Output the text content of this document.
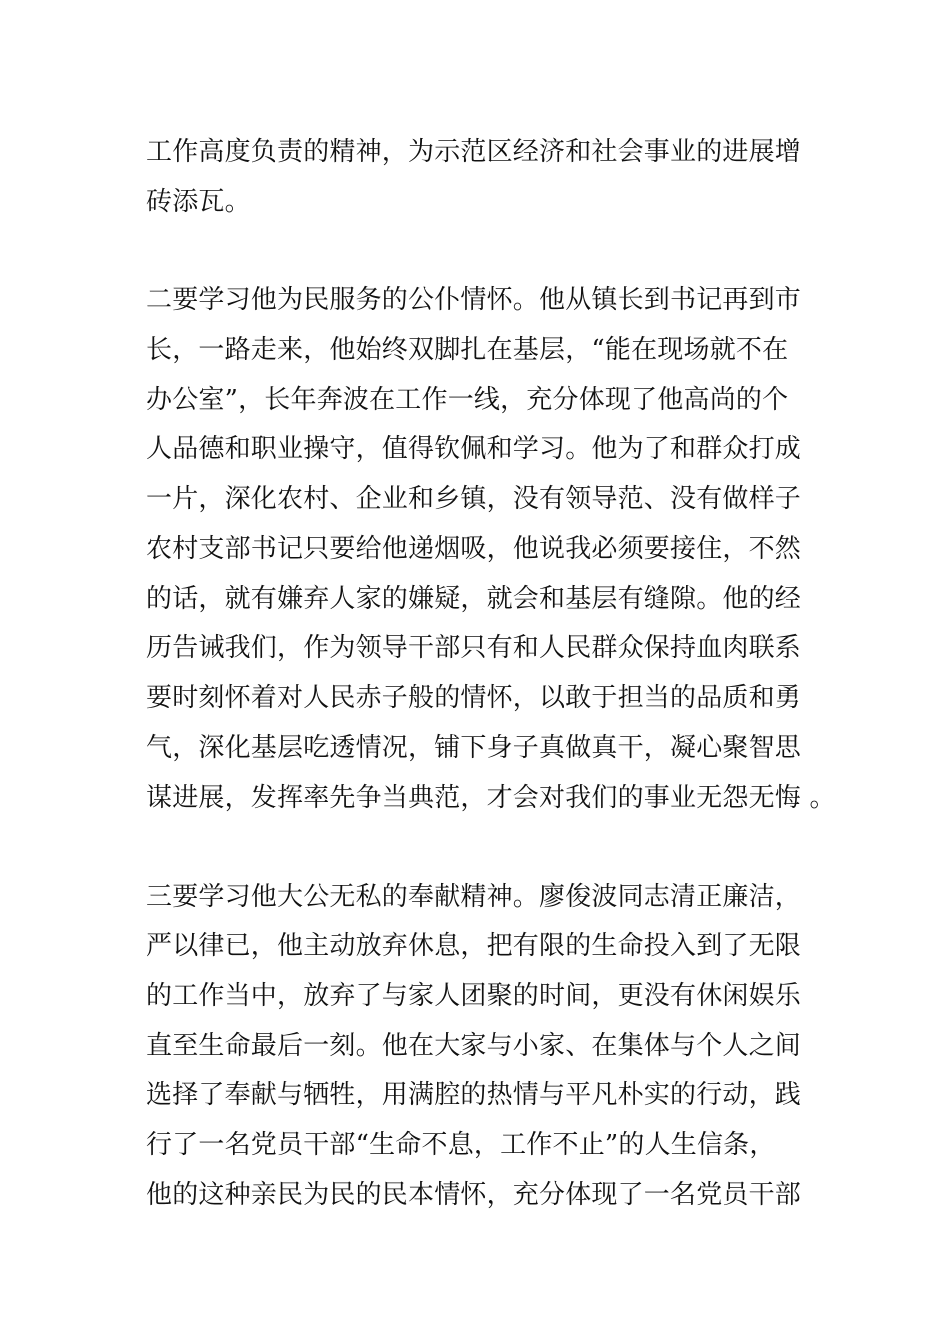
工作高度负责的精神，为示范区经济和社会事业的进展增
砖添瓦。
二要学习他为民服务的公仆情怀。他从镇长到书记再到市
长，一路走来，他始终双脚扎在基层，“能在现场就不在
办公室”，长年奔波在工作一线，充分体现了他高尚的个
人品德和职业操守，值得钦佩和学习。他为了和群众打成
一片，深化农村、企业和乡镇，没有领导范、没有做样子
农村支部书记只要给他递烟吸，他说我必须要接住，不然
的话，就有嫌弃人家的嫌疑，就会和基层有缝隙。他的经
历告诫我们，作为领导干部只有和人民群众保持血肉联系
要时刻怀着对人民赤子般的情怀，以敢于担当的品质和勇
气，深化基层吃透情况，铺下身子真做真干，凝心聚智思
谋进展，发挥率先争当典范，才会对我们的事业无怨无悔 。
三要学习他大公无私的奉献精神。廖俊波同志清正廉洁，
严以律已，他主动放弃休息，把有限的生命投入到了无限
的工作当中，放弃了与家人团聚的时间，更没有休闲娱乐
直至生命最后一刻。他在大家与小家、在集体与个人之间
选择了奉献与牺牲，用满腔的热情与平凡朴实的行动，践
行了一名党员干部“生命不息，工作不止”的人生信条，
他的这种亲民为民的民本情怀，充分体现了一名党员干部
